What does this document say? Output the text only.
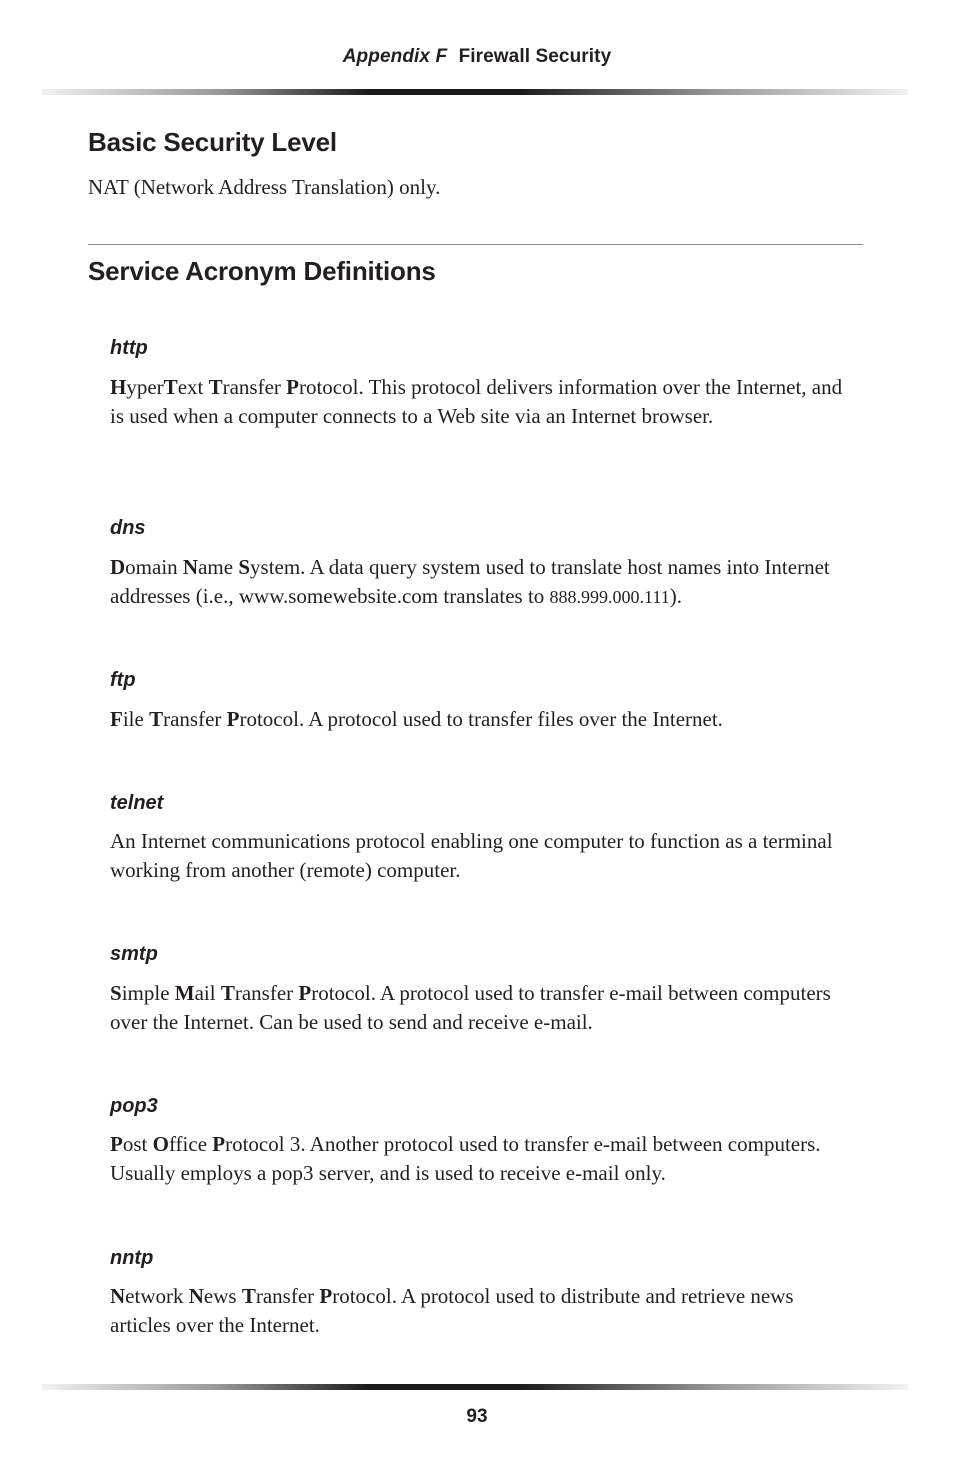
Appendix F Firewall Security
Basic Security Level

NAT (Network Address Translation) only.

Service Acronym Definitions
http

HyperText Transfer Protocol. This protocol delivers information over the Internet, and is used when a computer connects to a Web site via an Internet browser.

dns

Domain Name System. A data query system used to translate host names into Internet addresses (i.e., www.somewebsite.com translates to 888.999.000.111).

ftp

File Transfer Protocol. A protocol used to transfer files over the Internet.

telnet

An Internet communications protocol enabling one computer to function as a terminal working from another (remote) computer.

smtp

Simple Mail Transfer Protocol. A protocol used to transfer e-mail between computers over the Internet. Can be used to send and receive e-mail.

pop3

Post Office Protocol 3. Another protocol used to transfer e-mail between computers. Usually employs a pop3 server, and is used to receive e-mail only.

nntp

Network News Transfer Protocol. A protocol used to distribute and retrieve news articles over the Internet.

93
